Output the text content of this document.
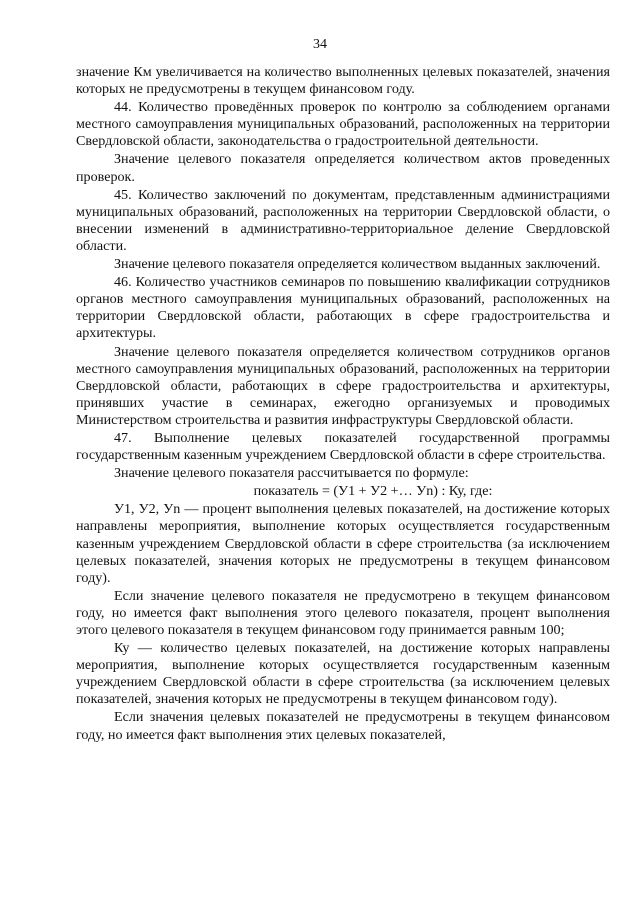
34

значение Км увеличивается на количество выполненных целевых показателей, значения которых не предусмотрены в текущем финансовом году.

44. Количество проведённых проверок по контролю за соблюдением органами местного самоуправления муниципальных образований, расположенных на территории Свердловской области, законодательства о градостроительной деятельности.

Значение целевого показателя определяется количеством актов проведенных проверок.

45. Количество заключений по документам, представленным администрациями муниципальных образований, расположенных на территории Свердловской области, о внесении изменений в административно-территориальное деление Свердловской области.

Значение целевого показателя определяется количеством выданных заключений.

46. Количество участников семинаров по повышению квалификации сотрудников органов местного самоуправления муниципальных образований, расположенных на территории Свердловской области, работающих в сфере градостроительства и архитектуры.

Значение целевого показателя определяется количеством сотрудников органов местного самоуправления муниципальных образований, расположенных на территории Свердловской области, работающих в сфере градостроительства и архитектуры, принявших участие в семинарах, ежегодно организуемых и проводимых Министерством строительства и развития инфраструктуры Свердловской области.

47. Выполнение целевых показателей государственной программы государственным казенным учреждением Свердловской области в сфере строительства.

Значение целевого показателя рассчитывается по формуле:

показатель = (У1 + У2 +… Уn) : Ку, где:

У1, У2, Уn — процент выполнения целевых показателей, на достижение которых направлены мероприятия, выполнение которых осуществляется государственным казенным учреждением Свердловской области в сфере строительства (за исключением целевых показателей, значения которых не предусмотрены в текущем финансовом году).

Если значение целевого показателя не предусмотрено в текущем финансовом году, но имеется факт выполнения этого целевого показателя, процент выполнения этого целевого показателя в текущем финансовом году принимается равным 100;

Ку — количество целевых показателей, на достижение которых направлены мероприятия, выполнение которых осуществляется государственным казенным учреждением Свердловской области в сфере строительства (за исключением целевых показателей, значения которых не предусмотрены в текущем финансовом году).

Если значения целевых показателей не предусмотрены в текущем финансовом году, но имеется факт выполнения этих целевых показателей,
